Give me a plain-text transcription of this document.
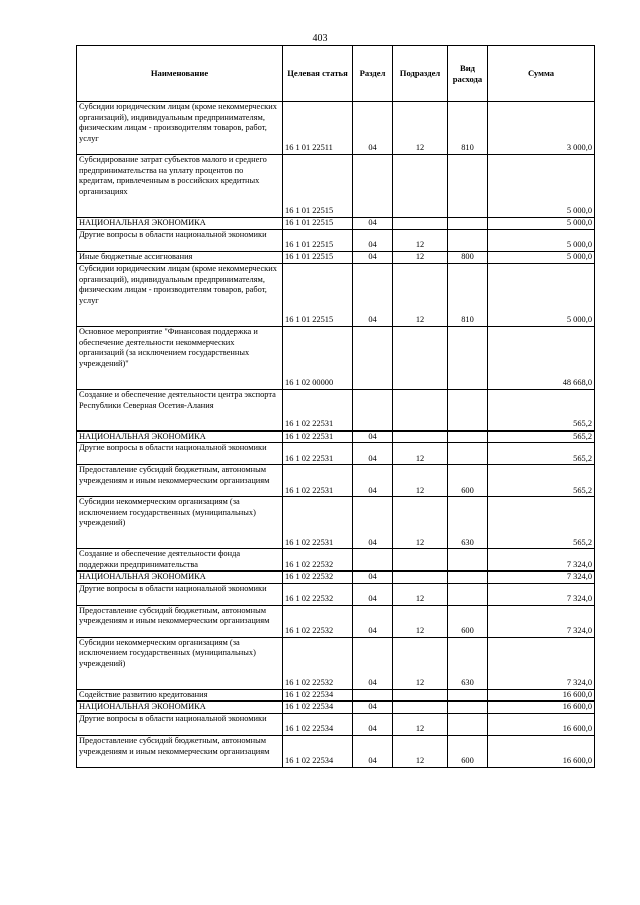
403
Наименование	Целевая статья	Раздел	Подраздел	Вид расхода	Сумма
Субсидии юридическим лицам (кроме некоммерческих организаций), индивидуальным предпринимателям, физическим лицам - производителям товаров, работ, услуг	16 1 01 22511	04	12	810	3 000,0
Субсидирование затрат субъектов малого и среднего предпринимательства на уплату процентов по кредитам, привлеченным в российских кредитных организациях	16 1 01 22515				5 000,0
НАЦИОНАЛЬНАЯ ЭКОНОМИКА	16 1 01 22515	04			5 000,0
Другие вопросы в области национальной экономики	16 1 01 22515	04	12		5 000,0
Иные бюджетные ассигнования	16 1 01 22515	04	12	800	5 000,0
Субсидии юридическим лицам (кроме некоммерческих организаций), индивидуальным предпринимателям, физическим лицам - производителям товаров, работ, услуг	16 1 01 22515	04	12	810	5 000,0
Основное мероприятие "Финансовая поддержка и обеспечение деятельности некоммерческих организаций (за исключением государственных учреждений)"	16 1 02 00000				48 668,0
Создание и обеспечение деятельности центра экспорта Республики Северная Осетия-Алания	16 1 02 22531				565,2
НАЦИОНАЛЬНАЯ ЭКОНОМИКА	16 1 02 22531	04			565,2
Другие вопросы в области национальной экономики	16 1 02 22531	04	12		565,2
Предоставление субсидий бюджетным, автономным учреждениям и иным некоммерческим организациям	16 1 02 22531	04	12	600	565,2
Субсидии некоммерческим организациям (за исключением государственных (муниципальных) учреждений)	16 1 02 22531	04	12	630	565,2
Создание и обеспечение деятельности фонда поддержки предпринимательства	16 1 02 22532				7 324,0
НАЦИОНАЛЬНАЯ ЭКОНОМИКА	16 1 02 22532	04			7 324,0
Другие вопросы в области национальной экономики	16 1 02 22532	04	12		7 324,0
Предоставление субсидий бюджетным, автономным учреждениям и иным некоммерческим организациям	16 1 02 22532	04	12	600	7 324,0
Субсидии некоммерческим организациям (за исключением государственных (муниципальных) учреждений)	16 1 02 22532	04	12	630	7 324,0
Содействие развитию кредитования	16 1 02 22534				16 600,0
НАЦИОНАЛЬНАЯ ЭКОНОМИКА	16 1 02 22534	04			16 600,0
Другие вопросы в области национальной экономики	16 1 02 22534	04	12		16 600,0
Предоставление субсидий бюджетным, автономным учреждениям и иным некоммерческим организациям	16 1 02 22534	04	12	600	16 600,0
